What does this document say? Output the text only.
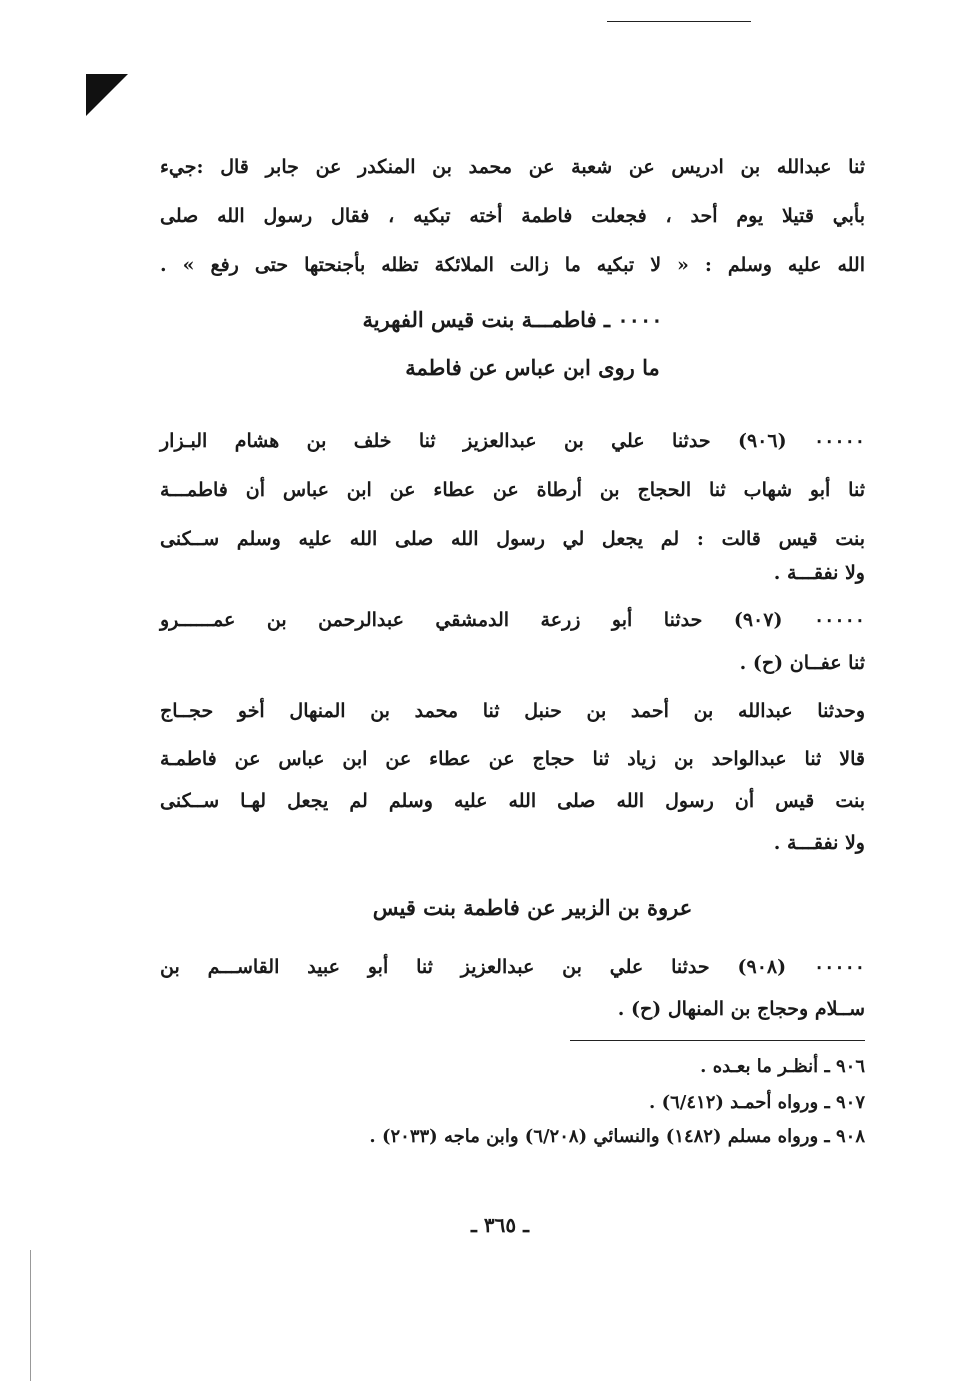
ثنا عبدالله بن ادريس عن شعبة عن محمد بن المنكدر عن جابر قال :جيء
بأبي قتيلا يوم أحد ، فجعلت فاطمة أخته تبكيه ، فقال رسول الله صلى
الله عليه وسلم : « لا تبكيه ما زالت الملائكة تظله بأجنحتها حتى رفع » .
٠٠٠٠ ـ فاطمـــة بنت قيس الفهرية
ما روى ابن عباس عن فاطمة
٠٠٠٠٠ (٩٠٦) حدثنا علي بن عبدالعزيز ثنا خلف بن هشام البـزار
ثنا أبو شهاب ثنا الحجاج بن أرطاة عن عطاء عن ابن عباس أن فاطمـــة
بنت قيس قالت : لم يجعل لي رسول الله صلى الله عليه وسلم ســكنى
ولا نفقـــة .
٠٠٠٠٠ (٩٠٧) حدثنا أبو زرعة الدمشقي عبدالرحمن بن عمــــــرو
ثنا عفــان (ح) .
وحدثنا عبدالله بن أحمد بن حنبل ثنا محمد بن المنهال أخو حجــاج
قالا ثنا عبدالواحد بن زياد ثنا حجاج عن عطاء عن ابن عباس عن فاطمـة
بنت قيس أن رسول الله صلى الله عليه وسلم لم يجعل لهـا ســكنى
ولا نفقـــة .
عروة بن الزبير عن فاطمة بنت قيس
٠٠٠٠٠ (٩٠٨) حدثنا علي بن عبدالعزيز ثنا أبو عبيد القاســـم بن
ســلام وحجاج بن المنهال (ح) .
٩٠٦ ـ أنظـر ما بعـده .
٩٠٧ ـ ورواه أحمـد (٦/٤١٢) .
٩٠٨ ـ ورواه مسلم (١٤٨٢) والنسائي (٦/٢٠٨) وابن ماجه (٢٠٣٣) .
ـ ٣٦٥ ـ
